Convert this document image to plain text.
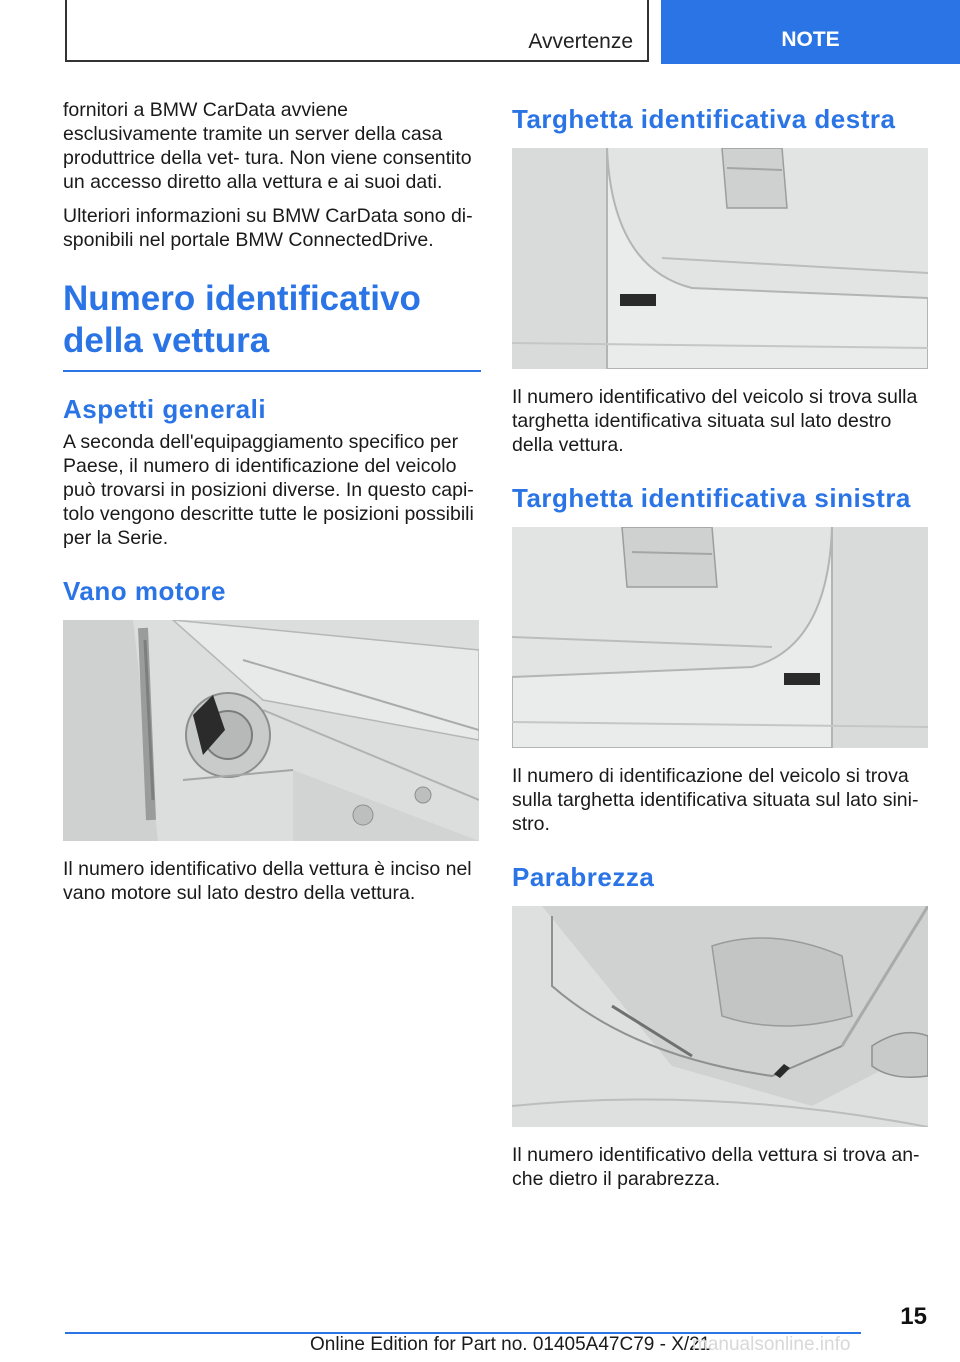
Avvertenze	NOTE

fornitori a BMW CarData avviene esclusivamente tramite un server della casa produttrice della vet‐ tura. Non viene consentito un accesso diretto alla vettura e ai suoi dati.

Ulteriori informazioni su BMW CarData sono di‐ sponibili nel portale BMW ConnectedDrive.

Numero identificativo della vettura
Aspetti generali

A seconda dell'equipaggiamento specifico per Paese, il numero di identificazione del veicolo può trovarsi in posizioni diverse. In questo capi‐ tolo vengono descritte tutte le posizioni possibili per la Serie.

Vano motore

Il numero identificativo della vettura è inciso nel vano motore sul lato destro della vettura.

Targhetta identificativa destra

Il numero identificativo del veicolo si trova sulla targhetta identificativa situata sul lato destro della vettura.

Targhetta identificativa sinistra

Il numero di identificazione del veicolo si trova sulla targhetta identificativa situata sul lato sini‐ stro.

Parabrezza

Il numero identificativo della vettura si trova an‐ che dietro il parabrezza.

15
Online Edition for Part no. 01405A47C79 - X/21
manualsonline.info
